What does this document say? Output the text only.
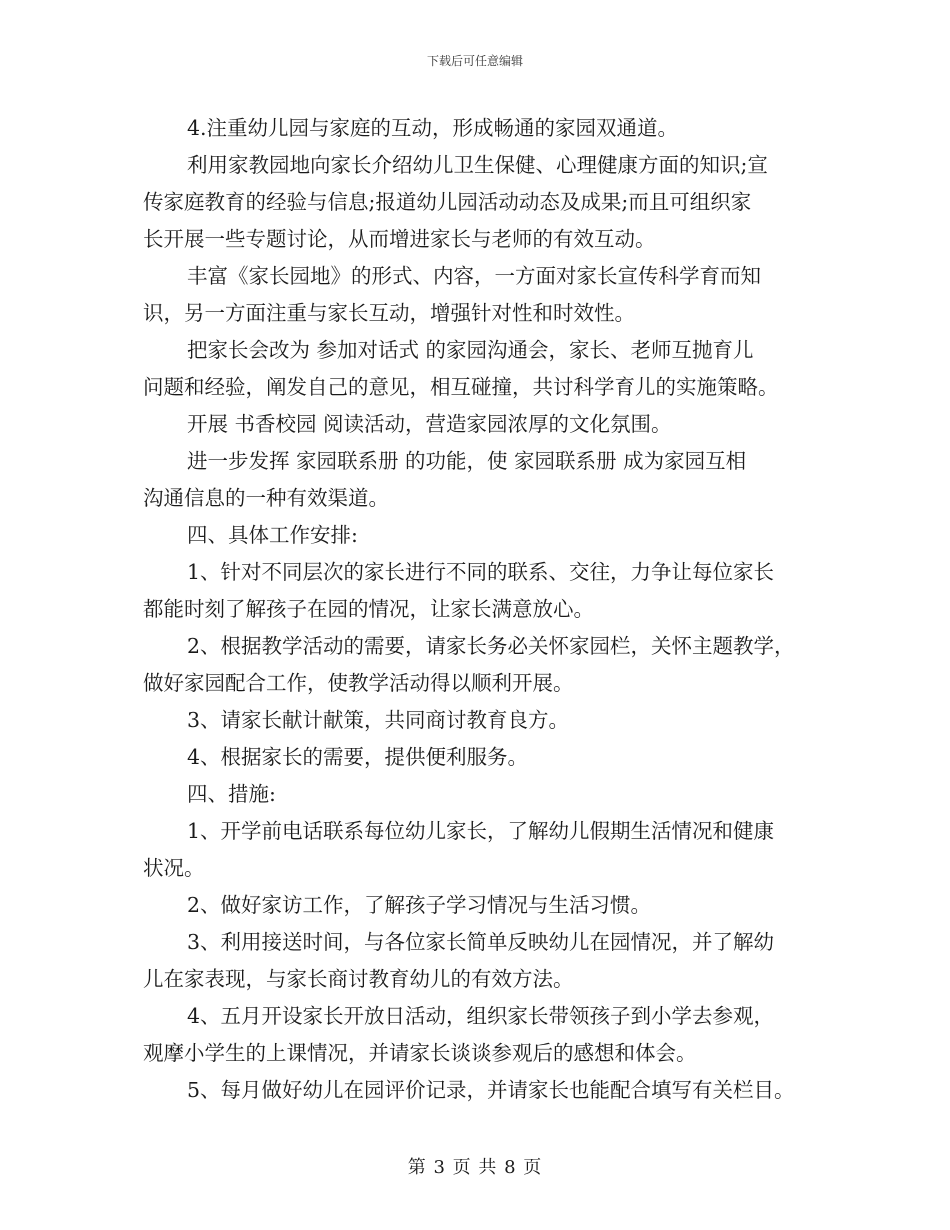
下载后可任意编辑

4.注重幼儿园与家庭的互动，形成畅通的家园双通道。

利用家教园地向家长介绍幼儿卫生保健、心理健康方面的知识;宣

传家庭教育的经验与信息;报道幼儿园活动动态及成果;而且可组织家

长开展一些专题讨论，从而增进家长与老师的有效互动。

丰富《家长园地》的形式、内容，一方面对家长宣传科学育而知

识，另一方面注重与家长互动，增强针对性和时效性。

把家长会改为 参加对话式 的家园沟通会，家长、老师互抛育儿

问题和经验，阐发自己的意见，相互碰撞，共讨科学育儿的实施策略。

开展 书香校园 阅读活动，营造家园浓厚的文化氛围。

进一步发挥 家园联系册 的功能，使 家园联系册 成为家园互相

沟通信息的一种有效渠道。

四、具体工作安排:

1、针对不同层次的家长进行不同的联系、交往，力争让每位家长

都能时刻了解孩子在园的情况，让家长满意放心。

2、根据教学活动的需要，请家长务必关怀家园栏，关怀主题教学，

做好家园配合工作，使教学活动得以顺利开展。

3、请家长献计献策，共同商讨教育良方。

4、根据家长的需要，提供便利服务。

四、措施:

1、开学前电话联系每位幼儿家长，了解幼儿假期生活情况和健康

状况。

2、做好家访工作，了解孩子学习情况与生活习惯。

3、利用接送时间，与各位家长简单反映幼儿在园情况，并了解幼

儿在家表现，与家长商讨教育幼儿的有效方法。

4、五月开设家长开放日活动，组织家长带领孩子到小学去参观，

观摩小学生的上课情况，并请家长谈谈参观后的感想和体会。

5、每月做好幼儿在园评价记录，并请家长也能配合填写有关栏目。

第 3 页 共 8 页
